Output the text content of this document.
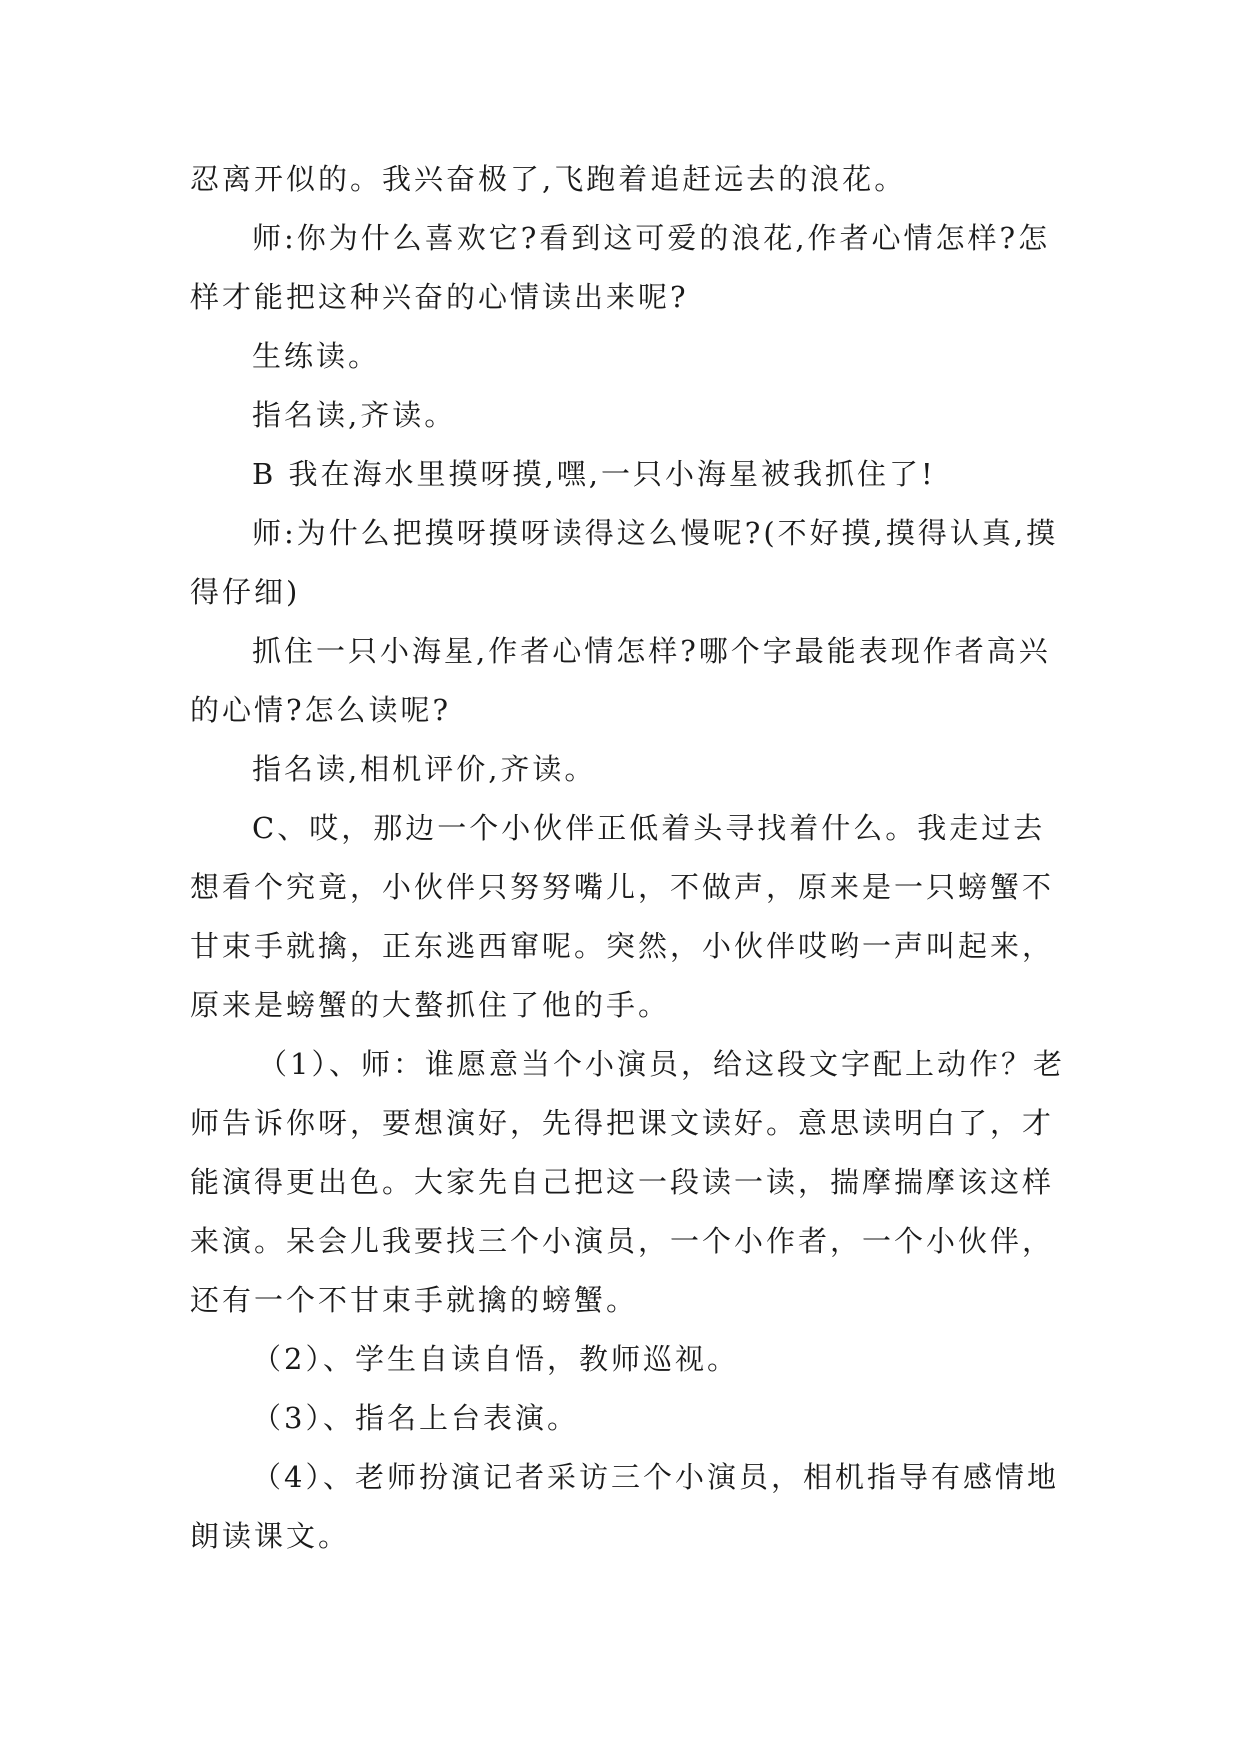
忍离开似的。我兴奋极了,飞跑着追赶远去的浪花。

师:你为什么喜欢它?看到这可爱的浪花,作者心情怎样?怎样才能把这种兴奋的心情读出来呢?

生练读。

指名读,齐读。

B 我在海水里摸呀摸,嘿,一只小海星被我抓住了!

师:为什么把摸呀摸呀读得这么慢呢?(不好摸,摸得认真,摸得仔细)

抓住一只小海星,作者心情怎样?哪个字最能表现作者高兴的心情?怎么读呢?

指名读,相机评价,齐读。

C、哎，那边一个小伙伴正低着头寻找着什么。我走过去想看个究竟，小伙伴只努努嘴儿，不做声，原来是一只螃蟹不甘束手就擒，正东逃西窜呢。突然，小伙伴哎哟一声叫起来，原来是螃蟹的大螯抓住了他的手。

（1）、师：谁愿意当个小演员，给这段文字配上动作？老师告诉你呀，要想演好，先得把课文读好。意思读明白了，才能演得更出色。大家先自己把这一段读一读，揣摩揣摩该这样来演。呆会儿我要找三个小演员，一个小作者，一个小伙伴，还有一个不甘束手就擒的螃蟹。

（2）、学生自读自悟，教师巡视。

（3）、指名上台表演。

（4）、老师扮演记者采访三个小演员，相机指导有感情地朗读课文。
